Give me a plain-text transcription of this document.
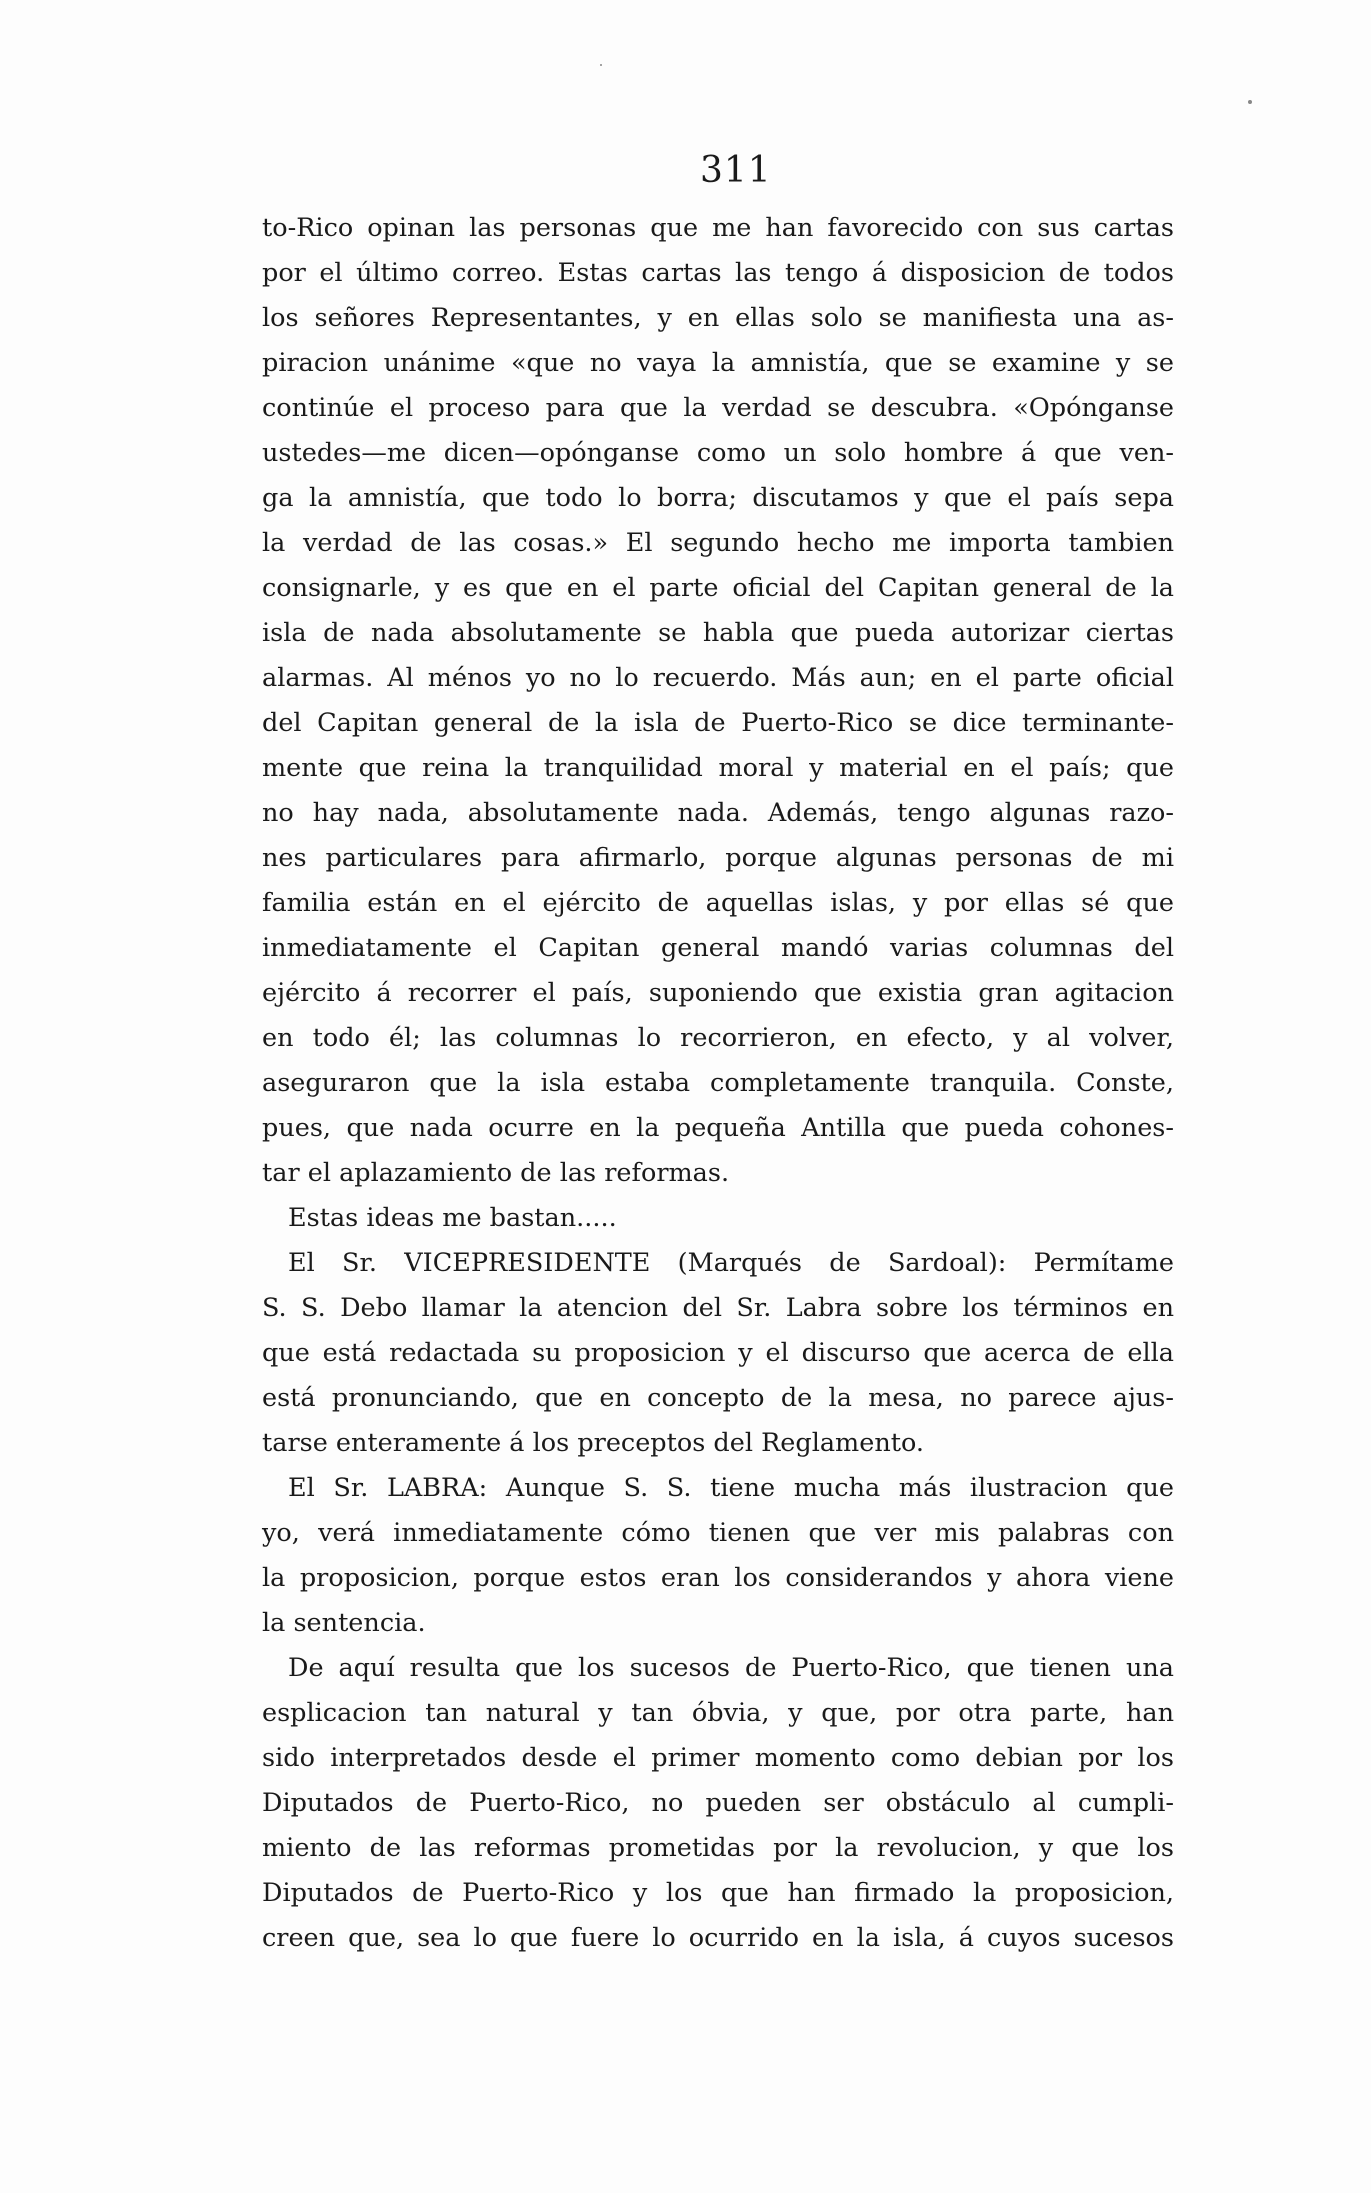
311
to-Rico opinan las personas que me han favorecido con sus cartas
por el último correo. Estas cartas las tengo á disposicion de todos
los señores Representantes, y en ellas solo se manifiesta una as-
piracion unánime «que no vaya la amnistía, que se examine y se
continúe el proceso para que la verdad se descubra. «Opónganse
ustedes—me dicen—opónganse como un solo hombre á que ven-
ga la amnistía, que todo lo borra; discutamos y que el país sepa
la verdad de las cosas.» El segundo hecho me importa tambien
consignarle, y es que en el parte oficial del Capitan general de la
isla de nada absolutamente se habla que pueda autorizar ciertas
alarmas. Al ménos yo no lo recuerdo. Más aun; en el parte oficial
del Capitan general de la isla de Puerto-Rico se dice terminante-
mente que reina la tranquilidad moral y material en el país; que
no hay nada, absolutamente nada. Además, tengo algunas razo-
nes particulares para afirmarlo, porque algunas personas de mi
familia están en el ejército de aquellas islas, y por ellas sé que
inmediatamente el Capitan general mandó varias columnas del
ejército á recorrer el país, suponiendo que existia gran agitacion
en todo él; las columnas lo recorrieron, en efecto, y al volver,
aseguraron que la isla estaba completamente tranquila. Conste,
pues, que nada ocurre en la pequeña Antilla que pueda cohones-
tar el aplazamiento de las reformas.
Estas ideas me bastan.....
El Sr. VICEPRESIDENTE (Marqués de Sardoal): Permítame
S. S. Debo llamar la atencion del Sr. Labra sobre los términos en
que está redactada su proposicion y el discurso que acerca de ella
está pronunciando, que en concepto de la mesa, no parece ajus-
tarse enteramente á los preceptos del Reglamento.
El Sr. LABRA: Aunque S. S. tiene mucha más ilustracion que
yo, verá inmediatamente cómo tienen que ver mis palabras con
la proposicion, porque estos eran los considerandos y ahora viene
la sentencia.
De aquí resulta que los sucesos de Puerto-Rico, que tienen una
esplicacion tan natural y tan óbvia, y que, por otra parte, han
sido interpretados desde el primer momento como debian por los
Diputados de Puerto-Rico, no pueden ser obstáculo al cumpli-
miento de las reformas prometidas por la revolucion, y que los
Diputados de Puerto-Rico y los que han firmado la proposicion,
creen que, sea lo que fuere lo ocurrido en la isla, á cuyos sucesos
